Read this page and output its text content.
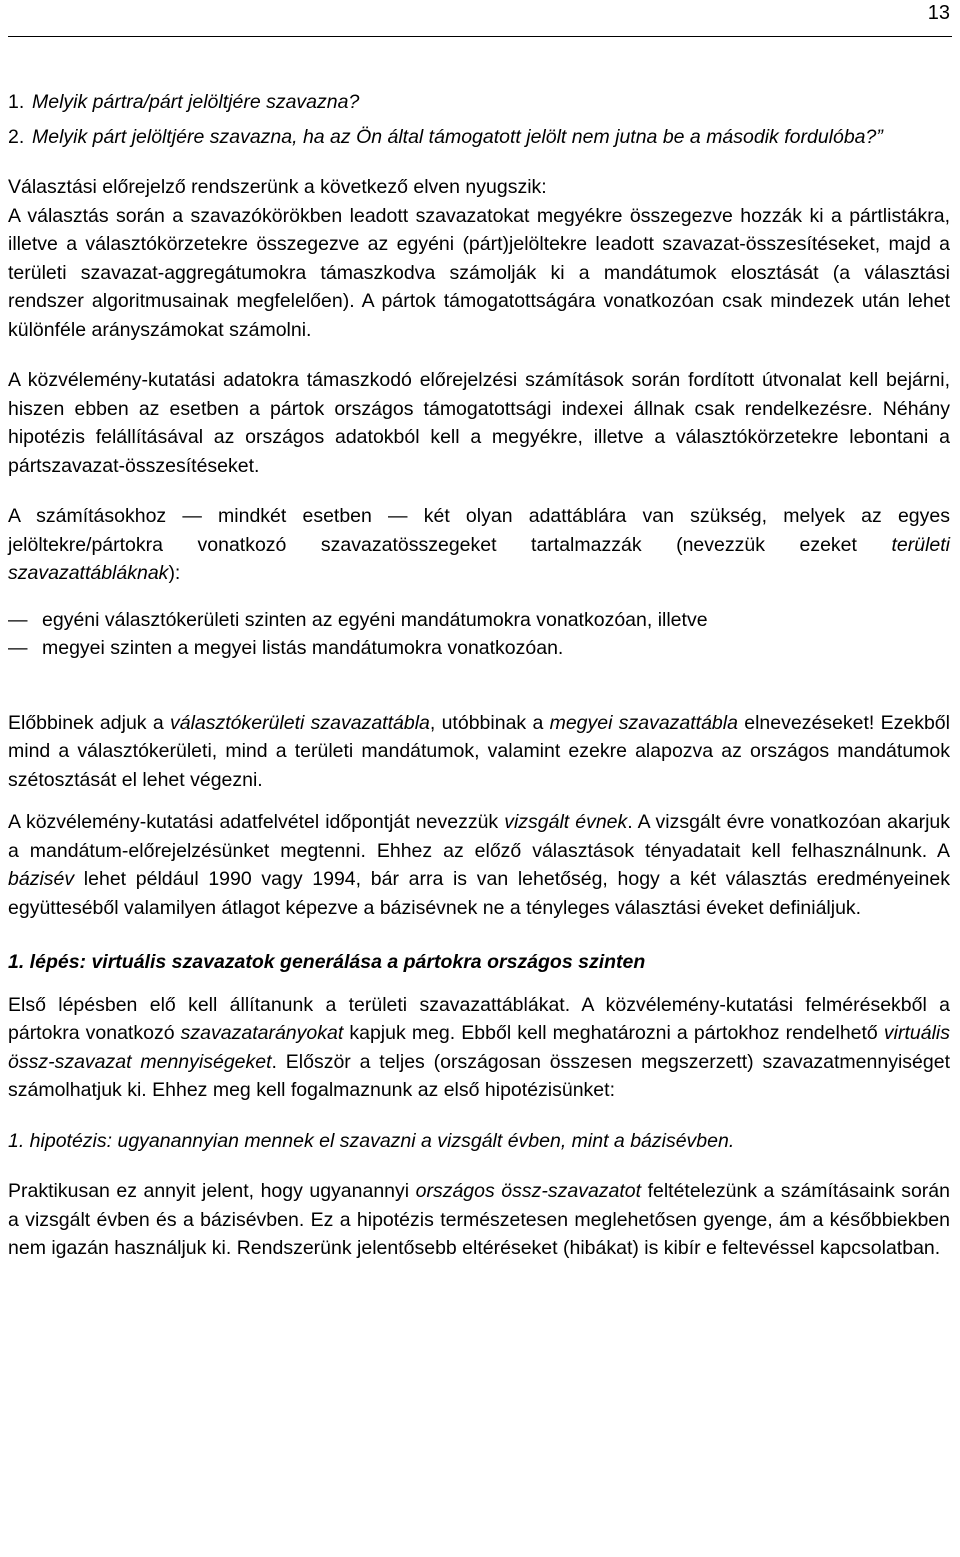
13
1. Melyik pártra/párt jelöltjére szavazna?
2. Melyik párt jelöltjére szavazna, ha az Ön által támogatott jelölt nem jutna be a második fordulóba?”

Választási előrejelző rendszerünk a következő elven nyugszik:

A választás során a szavazókörökben leadott szavazatokat megyékre összegezve hozzák ki a pártlistákra, illetve a választókörzetekre összegezve az egyéni (párt)jelöltekre leadott szavazat-összesítéseket, majd a területi szavazat-aggregátumokra támaszkodva számolják ki a mandátumok elosztását (a választási rendszer algoritmusainak megfelelően). A pártok támogatottságára vonatkozóan csak mindezek után lehet különféle arányszámokat számolni.

A közvélemény-kutatási adatokra támaszkodó előrejelzési számítások során fordított útvonalat kell bejárni, hiszen ebben az esetben a pártok országos támogatottsági indexei állnak csak rendelkezésre. Néhány hipotézis felállításával az országos adatokból kell a megyékre, illetve a választókörzetekre lebontani a pártszavazat-összesítéseket.

A számításokhoz — mindkét esetben — két olyan adattáblára van szükség, melyek az egyes jelöltekre/pártokra vonatkozó szavazatösszegeket tartalmazzák (nevezzük ezeket területi szavazattábláknak):

— egyéni választókerületi szinten az egyéni mandátumokra vonatkozóan, illetve
— megyei szinten a megyei listás mandátumokra vonatkozóan.

Előbbinek adjuk a választókerületi szavazattábla, utóbbinak a megyei szavazattábla elnevezéseket! Ezekből mind a választókerületi, mind a területi mandátumok, valamint ezekre alapozva az országos mandátumok szétosztását el lehet végezni.

A közvélemény-kutatási adatfelvétel időpontját nevezzük vizsgált évnek. A vizsgált évre vonatkozóan akarjuk a mandátum-előrejelzésünket megtenni. Ehhez az előző választások tényadatait kell felhasználnunk. A bázisév lehet például 1990 vagy 1994, bár arra is van lehetőség, hogy a két választás eredményeinek együtteséből valamilyen átlagot képezve a bázisévnek ne a tényleges választási éveket definiáljuk.

1. lépés: virtuális szavazatok generálása a pártokra országos szinten

Első lépésben elő kell állítanunk a területi szavazattáblákat. A közvélemény-kutatási felmérésekből a pártokra vonatkozó szavazatarányokat kapjuk meg. Ebből kell meghatározni a pártokhoz rendelhető virtuális össz-szavazat mennyiségeket. Először a teljes (országosan összesen megszerzett) szavazatmennyiséget számolhatjuk ki. Ehhez meg kell fogalmaznunk az első hipotézisünket:

1. hipotézis: ugyanannyian mennek el szavazni a vizsgált évben, mint a bázisévben.

Praktikusan ez annyit jelent, hogy ugyanannyi országos össz-szavazatot feltételezünk a számításaink során a vizsgált évben és a bázisévben. Ez a hipotézis természetesen meglehetősen gyenge, ám a későbbiekben nem igazán használjuk ki. Rendszerünk jelentősebb eltéréseket (hibákat) is kibír e feltevéssel kapcsolatban.
